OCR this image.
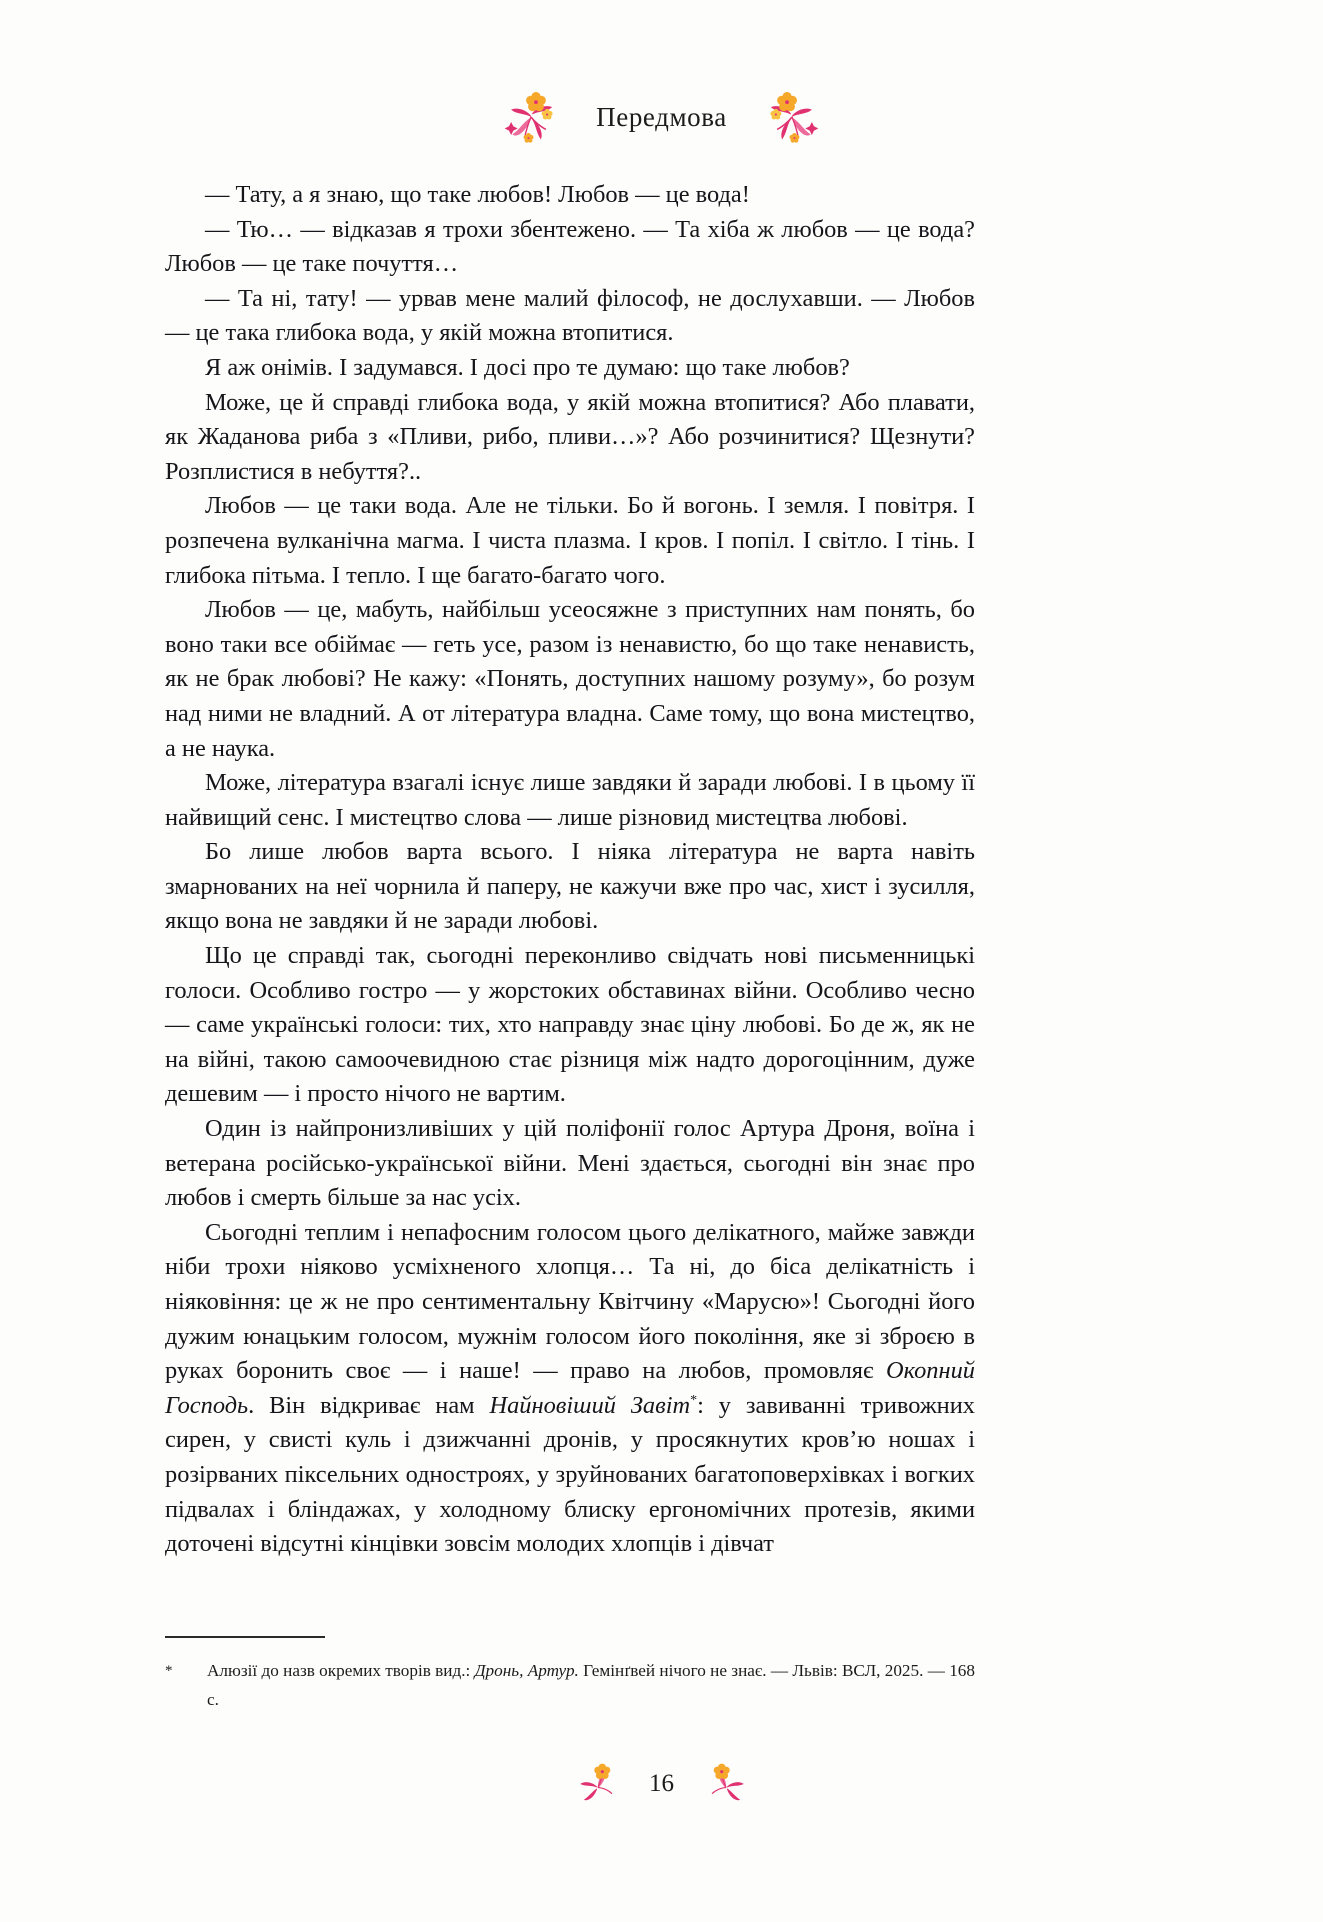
Передмова

— Тату, а я знаю, що таке любов! Любов — це вода!

— Тю… — відказав я трохи збентежено. — Та хіба ж любов — це вода? Любов — це таке почуття…

— Та ні, тату! — урвав мене малий філософ, не дослухавши. — Любов — це така глибока вода, у якій можна втопитися.

Я аж онімів. І задумався. І досі про те думаю: що таке любов?

Може, це й справді глибока вода, у якій можна втопитися? Або плавати, як Жаданова риба з «Пливи, рибо, пливи…»? Або розчинитися? Щезнути? Розплистися в небуття?..

Любов — це таки вода. Але не тільки. Бо й вогонь. І земля. І повітря. І розпечена вулканічна магма. І чиста плазма. І кров. І попіл. І світло. І тінь. І глибока пітьма. І тепло. І ще багато-багато чого.

Любов — це, мабуть, найбільш усеосяжне з приступних нам понять, бо воно таки все обіймає — геть усе, разом із ненавистю, бо що таке ненависть, як не брак любові? Не кажу: «Понять, доступних нашому розуму», бо розум над ними не владний. А от література владна. Саме тому, що вона мистецтво, а не наука.

Може, література взагалі існує лише завдяки й заради любові. І в цьому її найвищий сенс. І мистецтво слова — лише різновид мистецтва любові.

Бо лише любов варта всього. І ніяка література не варта навіть змарнованих на неї чорнила й паперу, не кажучи вже про час, хист і зусилля, якщо вона не завдяки й не заради любові.

Що це справді так, сьогодні переконливо свідчать нові письменницькі голоси. Особливо гостро — у жорстоких обставинах війни. Особливо чесно — саме українські голоси: тих, хто направду знає ціну любові. Бо де ж, як не на війні, такою самоочевидною стає різниця між надто дорогоцінним, дуже дешевим — і просто нічого не вартим.

Один із найпронизливіших у цій поліфонії голос Артура Дроня, воїна і ветерана російсько-української війни. Мені здається, сьогодні він знає про любов і смерть більше за нас усіх.

Сьогодні теплим і непафосним голосом цього делікатного, майже завжди ніби трохи ніяково усміхненого хлопця… Та ні, до біса делікатність і ніяковіння: це ж не про сентиментальну Квітчину «Марусю»! Сьогодні його дужим юнацьким голосом, мужнім голосом його покоління, яке зі зброєю в руках боронить своє — і наше! — право на любов, промовляє Окопний Господь. Він відкриває нам Найновіший Завіт*: у завиванні тривожних сирен, у свисті куль і дзижчанні дронів, у просякнутих кров’ю ношах і розірваних піксельних одностроях, у зруйнованих багатоповерхівках і вогких підвалах і бліндажах, у холодному блиску ергономічних протезів, якими доточені відсутні кінцівки зовсім молодих хлопців і дівчат

*	Алюзії до назв окремих творів вид.: Дронь, Артур. Гемінґвей нічого не знає. — Львів: ВСЛ, 2025. — 168 с.
16
